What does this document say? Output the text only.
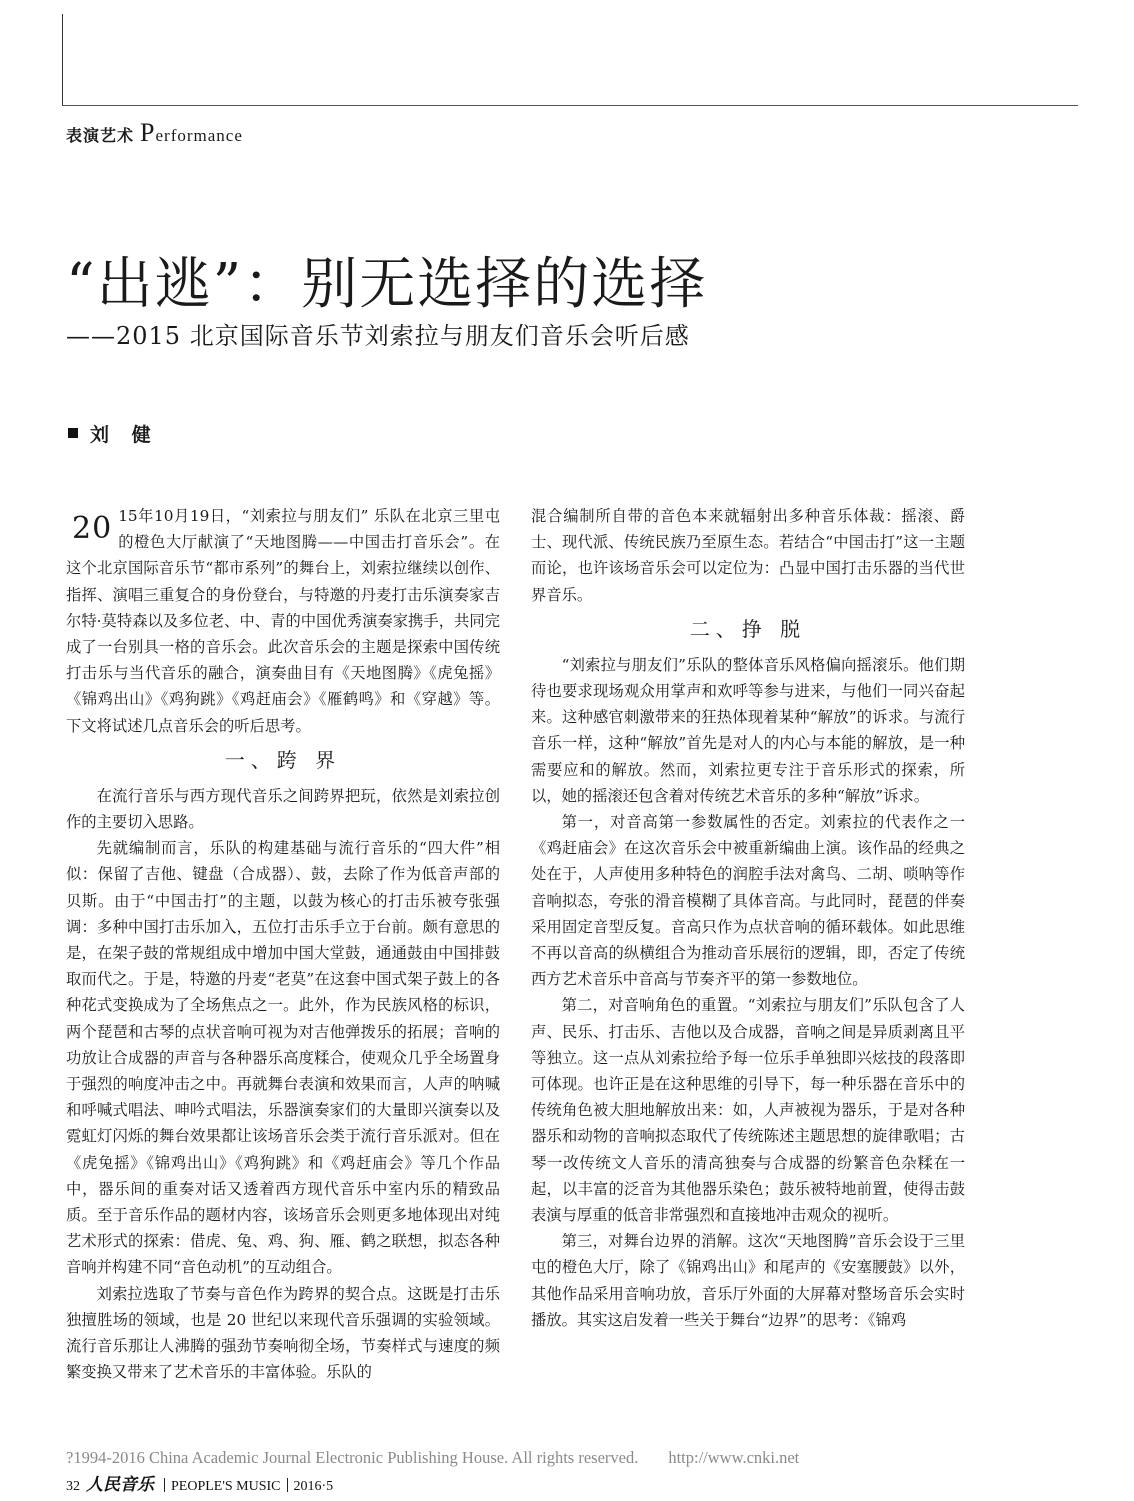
表演艺术 Performance
“出逃”：别无选择的选择
——2015 北京国际音乐节刘索拉与朋友们音乐会听后感
刘 健

20 15年10月19日，“刘索拉与朋友们” 乐队在北京三里屯的橙色大厅献演了“天地图腾——中国击打音乐会”。在这个北京国际音乐节“都市系列”的舞台上，刘索拉继续以创作、指挥、演唱三重复合的身份登台，与特邀的丹麦打击乐演奏家吉尔特·莫特森以及多位老、中、青的中国优秀演奏家携手，共同完成了一台别具一格的音乐会。此次音乐会的主题是探索中国传统打击乐与当代音乐的融合，演奏曲目有《天地图腾》《虎兔摇》《锦鸡出山》《鸡狗跳》《鸡赶庙会》《雁鹤鸣》和《穿越》等。下文将试述几点音乐会的听后思考。

一、跨 界

在流行音乐与西方现代音乐之间跨界把玩，依然是刘索拉创作的主要切入思路。

先就编制而言，乐队的构建基础与流行音乐的“四大件”相似：保留了吉他、键盘（合成器）、鼓，去除了作为低音声部的贝斯。由于“中国击打”的主题，以鼓为核心的打击乐被夸张强调：多种中国打击乐加入，五位打击乐手立于台前。颇有意思的是，在架子鼓的常规组成中增加中国大堂鼓，通通鼓由中国排鼓取而代之。于是，特邀的丹麦“老莫”在这套中国式架子鼓上的各种花式变换成为了全场焦点之一。此外，作为民族风格的标识，两个琵琶和古琴的点状音响可视为对吉他弹拨乐的拓展；音响的功放让合成器的声音与各种器乐高度糅合，使观众几乎全场置身于强烈的响度冲击之中。再就舞台表演和效果而言，人声的呐喊和呼喊式唱法、呻吟式唱法，乐器演奏家们的大量即兴演奏以及霓虹灯闪烁的舞台效果都让该场音乐会类于流行音乐派对。但在《虎兔摇》《锦鸡出山》《鸡狗跳》和《鸡赶庙会》等几个作品中，器乐间的重奏对话又透着西方现代音乐中室内乐的精致品质。至于音乐作品的题材内容，该场音乐会则更多地体现出对纯艺术形式的探索：借虎、兔、鸡、狗、雁、鹤之联想，拟态各种音响并构建不同“音色动机”的互动组合。

刘索拉选取了节奏与音色作为跨界的契合点。这既是打击乐独擅胜场的领域，也是 20 世纪以来现代音乐强调的实验领域。流行音乐那让人沸腾的强劲节奏响彻全场，节奏样式与速度的频繁变换又带来了艺术音乐的丰富体验。乐队的

混合编制所自带的音色本来就辐射出多种音乐体裁：摇滚、爵士、现代派、传统民族乃至原生态。若结合“中国击打”这一主题而论，也许该场音乐会可以定位为：凸显中国打击乐器的当代世界音乐。

二、挣 脱

“刘索拉与朋友们”乐队的整体音乐风格偏向摇滚乐。他们期待也要求现场观众用掌声和欢呼等参与进来，与他们一同兴奋起来。这种感官刺激带来的狂热体现着某种“解放”的诉求。与流行音乐一样，这种“解放”首先是对人的内心与本能的解放，是一种需要应和的解放。然而，刘索拉更专注于音乐形式的探索，所以，她的摇滚还包含着对传统艺术音乐的多种“解放”诉求。

第一，对音高第一参数属性的否定。刘索拉的代表作之一《鸡赶庙会》在这次音乐会中被重新编曲上演。该作品的经典之处在于，人声使用多种特色的润腔手法对禽鸟、二胡、唢呐等作音响拟态，夸张的滑音模糊了具体音高。与此同时，琵琶的伴奏采用固定音型反复。音高只作为点状音响的循环载体。如此思维不再以音高的纵横组合为推动音乐展衍的逻辑，即，否定了传统西方艺术音乐中音高与节奏齐平的第一参数地位。

第二，对音响角色的重置。“刘索拉与朋友们”乐队包含了人声、民乐、打击乐、吉他以及合成器，音响之间是异质剥离且平等独立。这一点从刘索拉给予每一位乐手单独即兴炫技的段落即可体现。也许正是在这种思维的引导下，每一种乐器在音乐中的传统角色被大胆地解放出来：如，人声被视为器乐，于是对各种器乐和动物的音响拟态取代了传统陈述主题思想的旋律歌唱；古琴一改传统文人音乐的清高独奏与合成器的纷繁音色杂糅在一起，以丰富的泛音为其他器乐染色；鼓乐被特地前置，使得击鼓表演与厚重的低音非常强烈和直接地冲击观众的视听。

第三，对舞台边界的消解。这次“天地图腾”音乐会设于三里屯的橙色大厅，除了《锦鸡出山》和尾声的《安塞腰鼓》以外，其他作品采用音响功放，音乐厅外面的大屏幕对整场音乐会实时播放。其实这启发着一些关于舞台“边界”的思考：《锦鸡

?1994-2016 China Academic Journal Electronic Publishing House. All rights reserved. http://www.cnki.net
32 人民音乐 PEOPLE'S MUSIC 2016·5
